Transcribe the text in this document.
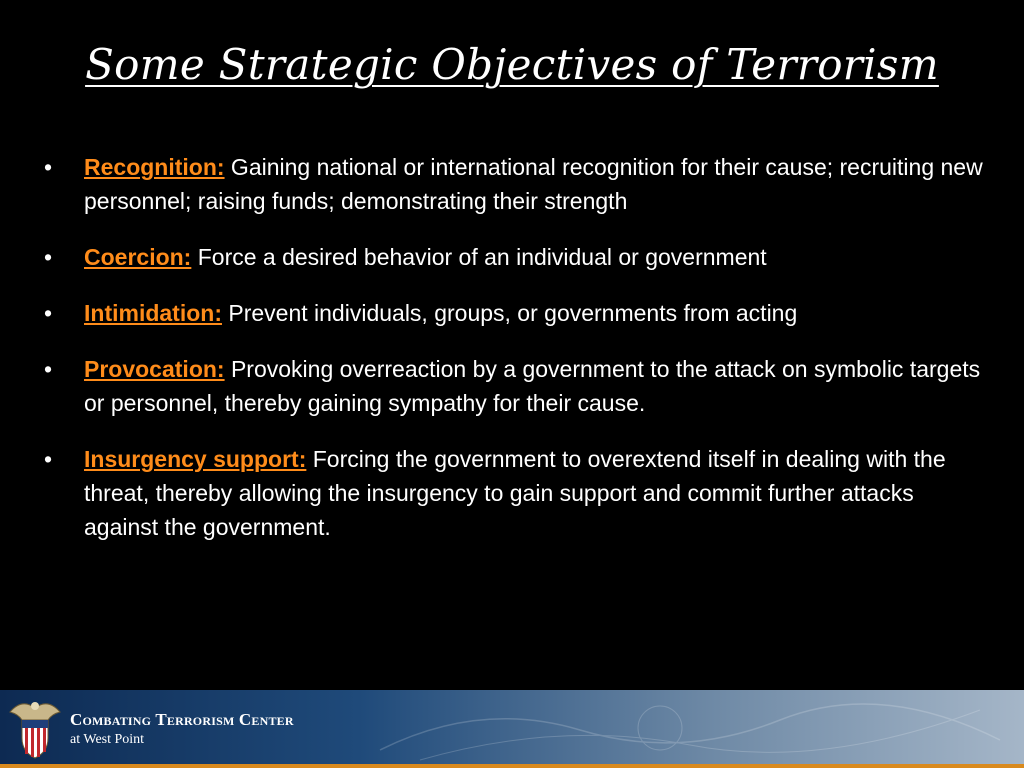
Some Strategic Objectives of Terrorism
• Recognition: Gaining national or international recognition for their cause; recruiting new personnel; raising funds; demonstrating their strength
• Coercion: Force a desired behavior of an individual or government
• Intimidation: Prevent individuals, groups, or governments from acting
• Provocation: Provoking overreaction by a government to the attack on symbolic targets or personnel, thereby gaining sympathy for their cause.
• Insurgency support: Forcing the government to overextend itself in dealing with the threat, thereby allowing the insurgency to gain support and commit further attacks against the government.
Combating Terrorism Center
at West Point
